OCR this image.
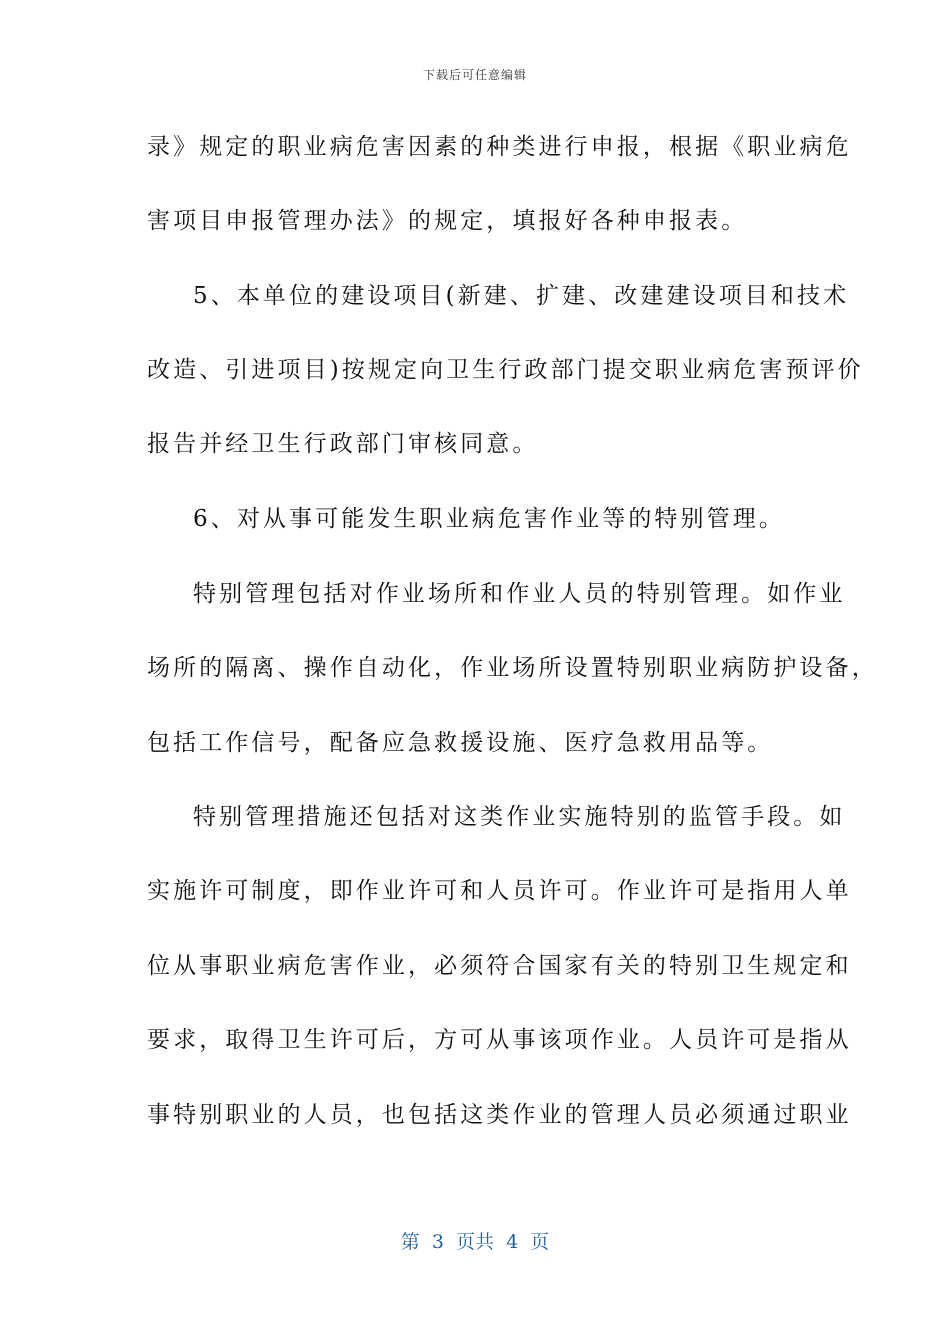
下载后可任意编辑
录》规定的职业病危害因素的种类进行申报，根据《职业病危
害项目申报管理办法》的规定，填报好各种申报表。
5、本单位的建设项目(新建、扩建、改建建设项目和技术
改造、引进项目)按规定向卫生行政部门提交职业病危害预评价
报告并经卫生行政部门审核同意。
6、对从事可能发生职业病危害作业等的特别管理。
特别管理包括对作业场所和作业人员的特别管理。如作业
场所的隔离、操作自动化，作业场所设置特别职业病防护设备，
包括工作信号，配备应急救援设施、医疗急救用品等。
特别管理措施还包括对这类作业实施特别的监管手段。如
实施许可制度，即作业许可和人员许可。作业许可是指用人单
位从事职业病危害作业，必须符合国家有关的特别卫生规定和
要求，取得卫生许可后，方可从事该项作业。人员许可是指从
事特别职业的人员，也包括这类作业的管理人员必须通过职业
第  3  页共  4  页
